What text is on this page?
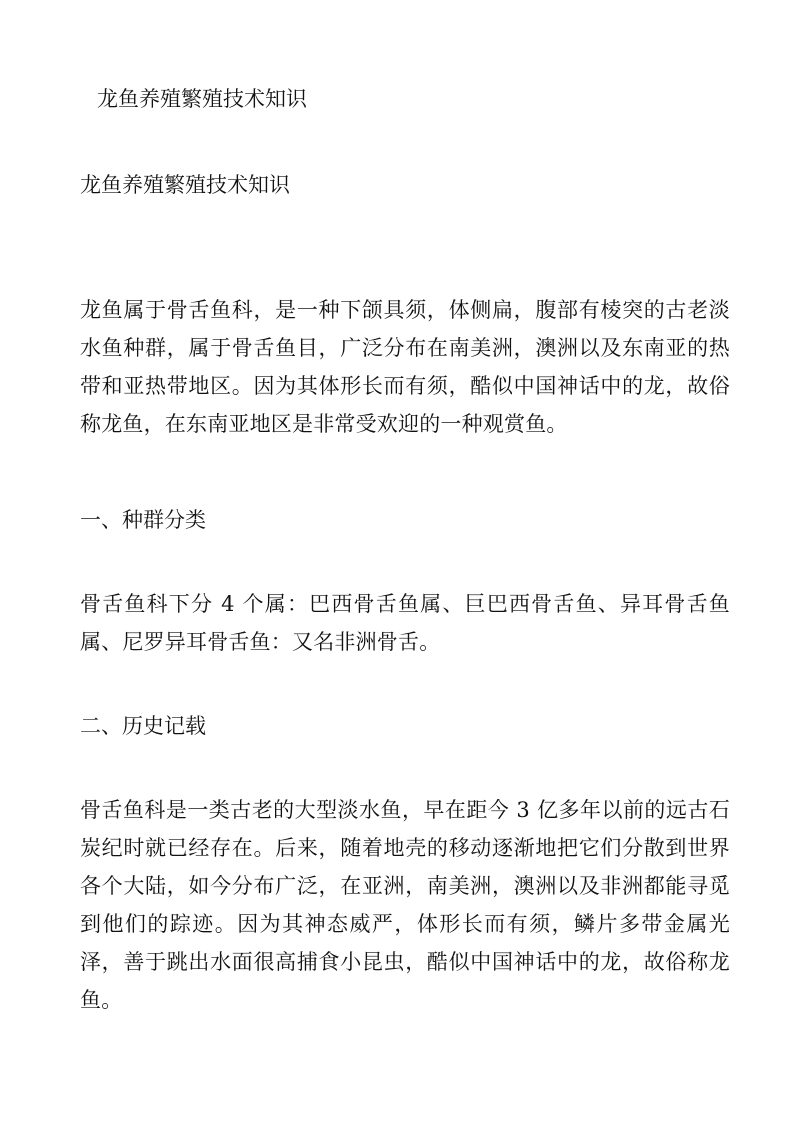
龙鱼养殖繁殖技术知识
龙鱼养殖繁殖技术知识

龙鱼属于骨舌鱼科，是一种下颌具须，体侧扁，腹部有棱突的古老淡水鱼种群，属于骨舌鱼目，广泛分布在南美洲，澳洲以及东南亚的热带和亚热带地区。因为其体形长而有须，酷似中国神话中的龙，故俗称龙鱼，在东南亚地区是非常受欢迎的一种观赏鱼。

一、种群分类

骨舌鱼科下分 4 个属：巴西骨舌鱼属、巨巴西骨舌鱼、异耳骨舌鱼属、尼罗异耳骨舌鱼：又名非洲骨舌。

二、历史记载

骨舌鱼科是一类古老的大型淡水鱼，早在距今 3 亿多年以前的远古石炭纪时就已经存在。后来，随着地壳的移动逐渐地把它们分散到世界各个大陆，如今分布广泛，在亚洲，南美洲，澳洲以及非洲都能寻觅到他们的踪迹。因为其神态威严，体形长而有须，鳞片多带金属光泽，善于跳出水面很高捕食小昆虫，酷似中国神话中的龙，故俗称龙鱼。
